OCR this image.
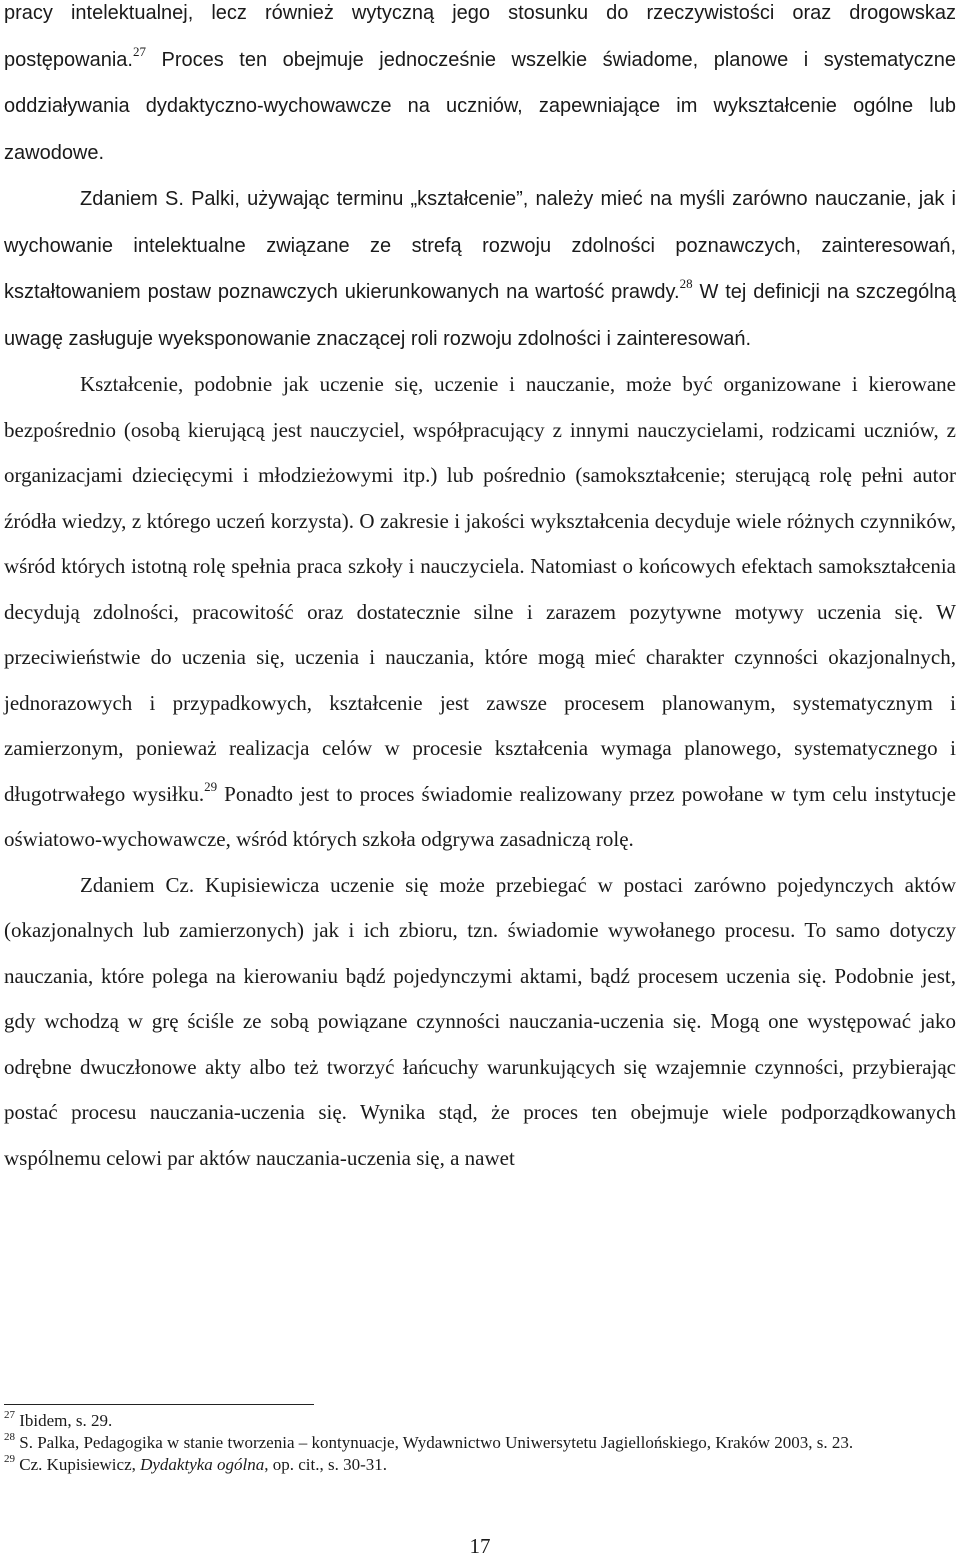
pracy intelektualnej, lecz również wytyczną jego stosunku do rzeczywistości oraz drogowskaz postępowania.$^{27}$ Proces ten obejmuje jednocześnie wszelkie świadome, planowe i systematyczne oddziaływania dydaktyczno-wychowawcze na uczniów, zapewniające im wykształcenie ogólne lub zawodowe.

Zdaniem S. Palki, używając terminu „kształcenie”, należy mieć na myśli zarówno nauczanie, jak i wychowanie intelektualne związane ze strefą rozwoju zdolności poznawczych, zainteresowań, kształtowaniem postaw poznawczych ukierunkowanych na wartość prawdy.$^{28}$ W tej definicji na szczególną uwagę zasługuje wyeksponowanie znaczącej roli rozwoju zdolności i zainteresowań.

Kształcenie, podobnie jak uczenie się, uczenie i nauczanie, może być organizowane i kierowane bezpośrednio (osobą kierującą jest nauczyciel, współpracujący z innymi nauczycielami, rodzicami uczniów, z organizacjami dziecięcymi i młodzieżowymi itp.) lub pośrednio (samokształcenie; sterującą rolę pełni autor źródła wiedzy, z którego uczeń korzysta). O zakresie i jakości wykształcenia decyduje wiele różnych czynników, wśród których istotną rolę spełnia praca szkoły i nauczyciela. Natomiast o końcowych efektach samokształcenia decydują zdolności, pracowitość oraz dostatecznie silne i zarazem pozytywne motywy uczenia się. W przeciwieństwie do uczenia się, uczenia i nauczania, które mogą mieć charakter czynności okazjonalnych, jednorazowych i przypadkowych, kształcenie jest zawsze procesem planowanym, systematycznym i zamierzonym, ponieważ realizacja celów w procesie kształcenia wymaga planowego, systematycznego i długotrwałego wysiłku.$^{29}$ Ponadto jest to proces świadomie realizowany przez powołane w tym celu instytucje oświatowo-wychowawcze, wśród których szkoła odgrywa zasadniczą rolę.

Zdaniem Cz. Kupisiewicza uczenie się może przebiegać w postaci zarówno pojedynczych aktów (okazjonalnych lub zamierzonych) jak i ich zbioru, tzn. świadomie wywołanego procesu. To samo dotyczy nauczania, które polega na kierowaniu bądź pojedynczymi aktami, bądź procesem uczenia się. Podobnie jest, gdy wchodzą w grę ściśle ze sobą powiązane czynności nauczania-uczenia się. Mogą one występować jako odrębne dwuczłonowe akty albo też tworzyć łańcuchy warunkujących się wzajemnie czynności, przybierając postać procesu nauczania-uczenia się. Wynika stąd, że proces ten obejmuje wiele podporządkowanych wspólnemu celowi par aktów nauczania-uczenia się, a nawet

$^{27}$ Ibidem, s. 29.

$^{28}$ S. Palka, Pedagogika w stanie tworzenia – kontynuacje, Wydawnictwo Uniwersytetu Jagiellońskiego, Kraków 2003, s. 23.

$^{29}$ Cz. Kupisiewicz, Dydaktyka ogólna, op. cit., s. 30-31.

17
